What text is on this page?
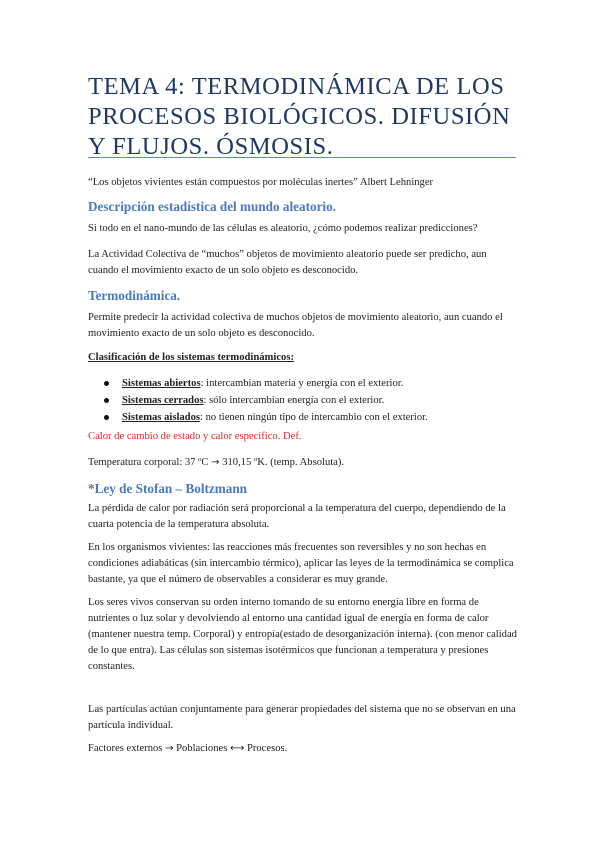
TEMA 4: TERMODINÁMICA DE LOS PROCESOS BIOLÓGICOS. DIFUSIÓN Y FLUJOS. ÓSMOSIS.

“Los objetos vivientes están compuestos por moléculas inertes” Albert Lehninger

Descripción estadística del mundo aleatorio.

Si todo en el nano-mundo de las células es aleatorio, ¿cómo podemos realizar predicciones?

La Actividad Colectiva de “muchos” objetos de movimiento aleatorio puede ser predicho, aun cuando el movimiento exacto de un solo objeto es desconocido.

Termodinámica.

Permite predecir la actividad colectiva de muchos objetos de movimiento aleatorio, aun cuando el movimiento exacto de un solo objeto es desconocido.

Clasificación de los sistemas termodinámicos:

Sistemas abiertos: intercambian materia y energía con el exterior.
Sistemas cerrados: sólo intercambian energía con el exterior.
Sistemas aislados: no tienen ningún tipo de intercambio con el exterior.

Calor de cambio de estado y calor específico. Def.

Temperatura corporal: 37 ºC → 310,15 ºK. (temp. Absoluta).

*Ley de Stofan – Boltzmann

La pérdida de calor por radiación será proporcional a la temperatura del cuerpo, dependiendo de la cuarta potencia de la temperatura absoluta.

En los organismos vivientes: las reacciones más frecuentes son reversibles y no son hechas en condiciones adiabáticas (sin intercambio térmico), aplicar las leyes de la termodinámica se complica bastante, ya que el número de observables a considerar es muy grande.

Los seres vivos conservan su orden interno tomando de su entorno energía libre en forma de nutrientes o luz solar y devolviendo al entorno una cantidad igual de energía en forma de calor (mantener nuestra temp. Corporal) y entropía(estado de desorganización interna). (con menor calidad de lo que entra). Las células son sistemas isotérmicos que funcionan a temperatura y presiones constantes.

Las partículas actúan conjuntamente para generar propiedades del sistema que no se observan en una partícula individual.

Factores externos → Poblaciones ⟷ Procesos.
